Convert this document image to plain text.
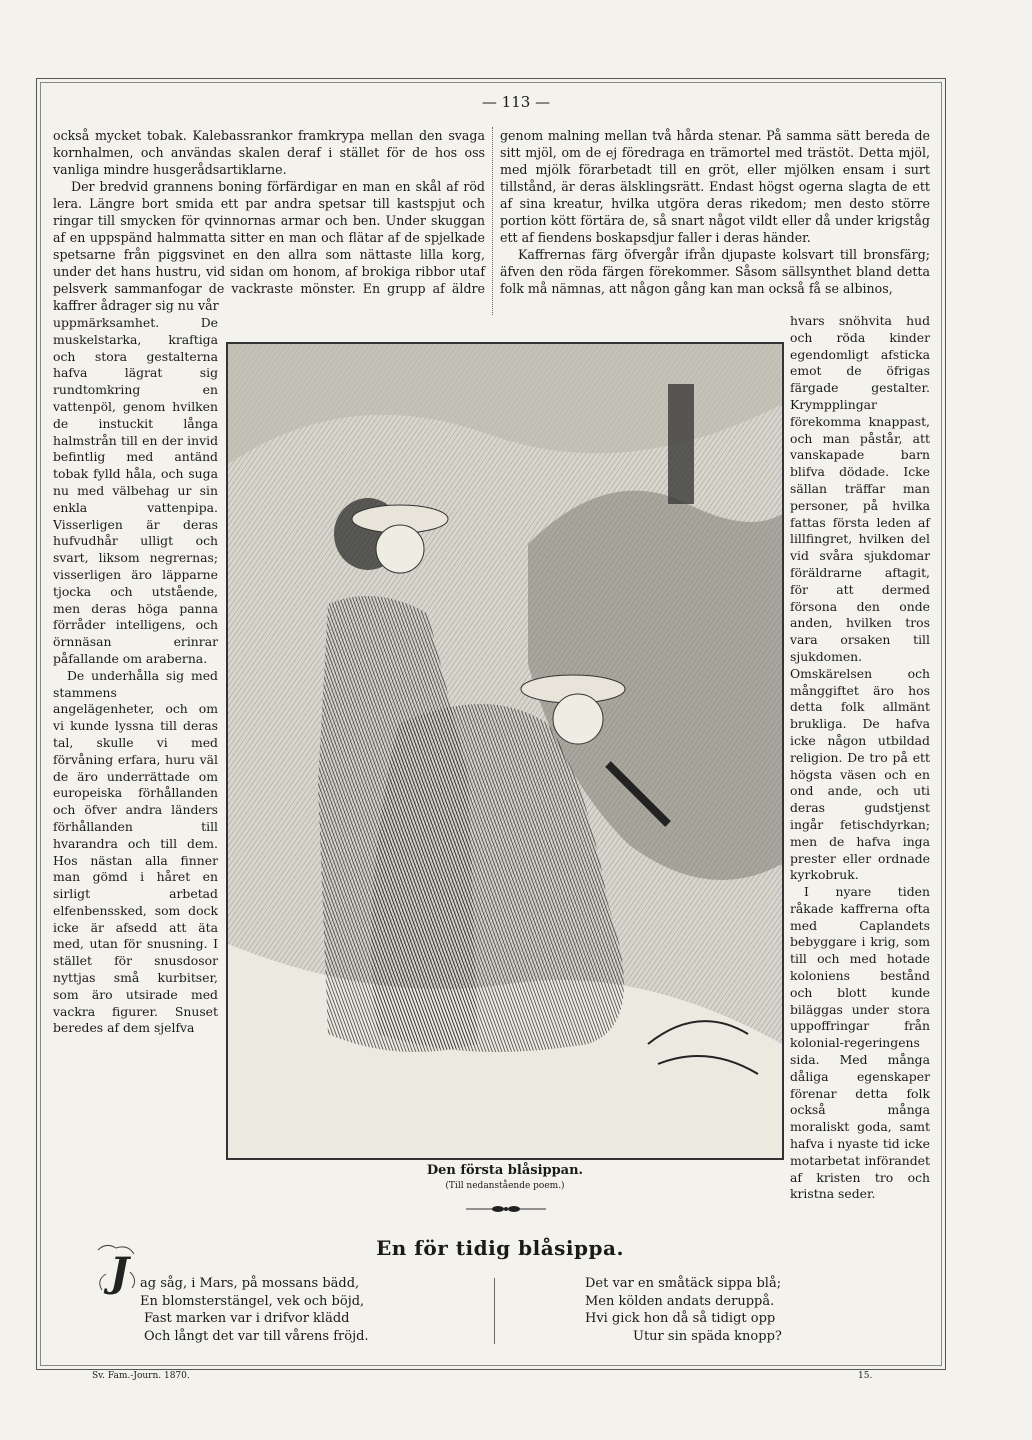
— 113 —

också mycket tobak. Kalebassrankor framkrypa mellan den svaga kornhalmen, och användas skalen deraf i stället för de hos oss vanliga mindre husgerådsartiklarne.

Der bredvid grannens boning förfärdigar en man en skål af röd lera. Längre bort smida ett par andra spetsar till kastspjut och ringar till smycken för qvinnornas armar och ben. Under skuggan af en uppspänd halmmatta sitter en man och flätar af de spjelkade spetsarne från piggsvinet en den allra som nättaste lilla korg, under det hans hustru, vid sidan om honom, af brokiga ribbor utaf pelsverk sammanfogar de vackraste mönster. En grupp af äldre kaffrer ådrager sig nu vår

genom malning mellan två hårda stenar. På samma sätt bereda de sitt mjöl, om de ej föredraga en trämortel med trästöt. Detta mjöl, med mjölk förarbetadt till en gröt, eller mjölken ensam i surt tillstånd, är deras älsklingsrätt. Endast högst ogerna slagta de ett af sina kreatur, hvilka utgöra deras rikedom; men desto större portion kött förtära de, så snart något vildt eller då under krigståg ett af fiendens boskapsdjur faller i deras händer.

Kaffrernas färg öfvergår ifrån djupaste kolsvart till bronsfärg; äfven den röda färgen förekommer. Såsom sällsynthet bland detta folk må nämnas, att någon gång kan man också få se albinos,

uppmärksamhet. De muskelstarka, kraftiga och stora gestalterna hafva lägrat sig rundtomkring en vattenpöl, genom hvilken de instuckit långa halmstrån till en der invid befintlig med antänd tobak fylld håla, och suga nu med välbehag ur sin enkla vattenpipa. Visserligen är deras hufvudhår ulligt och svart, liksom negrernas; visserligen äro läpparne tjocka och utstående, men deras höga panna förråder intelligens, och örnnäsan erinrar påfallande om araberna.

De underhålla sig med stammens angelägenheter, och om vi kunde lyssna till deras tal, skulle vi med förvåning erfara, huru väl de äro underrättade om europeiska förhållanden och öfver andra länders förhållanden till hvarandra och till dem. Hos nästan alla finner man gömd i håret en sirligt arbetad elfenbenssked, som dock icke är afsedd att äta med, utan för snusning. I stället för snusdosor nyttjas små kurbitser, som äro utsirade med vackra figurer. Snuset beredes af dem sjelfva

hvars snöhvita hud och röda kinder egendomligt afsticka emot de öfrigas färgade gestalter. Krympplingar förekomma knappast, och man påstår, att vanskapade barn blifva dödade. Icke sällan träffar man personer, på hvilka fattas första leden af lillfingret, hvilken del vid svåra sjukdomar föräldrarne aftagit, för att dermed försona den onde anden, hvilken tros vara orsaken till sjukdomen. Omskärelsen och månggiftet äro hos detta folk allmänt brukliga. De hafva icke någon utbildad religion. De tro på ett högsta väsen och en ond ande, och uti deras gudstjenst ingår fetischdyrkan; men de hafva inga prester eller ordnade kyrkobruk.

I nyare tiden råkade kaffrerna ofta med Caplandets bebyggare i krig, som till och med hotade koloniens bestånd och blott kunde biläggas under stora uppoffringar från kolonial-regeringens sida. Med många dåliga egenskaper förenar detta folk också många moraliskt goda, samt hafva i nyaste tid icke motarbetat införandet af kristen tro och kristna seder.

Den första blåsippan.
(Till nedanstående poem.)
En för tidig blåsippa.
J ag såg, i Mars, på mossans bädd,
En blomsterstängel, vek och böjd,
Fast marken var i drifvor klädd
Och långt det var till vårens fröjd.
Det var en småtäck sippa blå;
Men kölden andats deruppå.
Hvi gick hon då så tidigt opp
Utur sin späda knopp?
Sv. Fam.-Journ. 1870.	15.
